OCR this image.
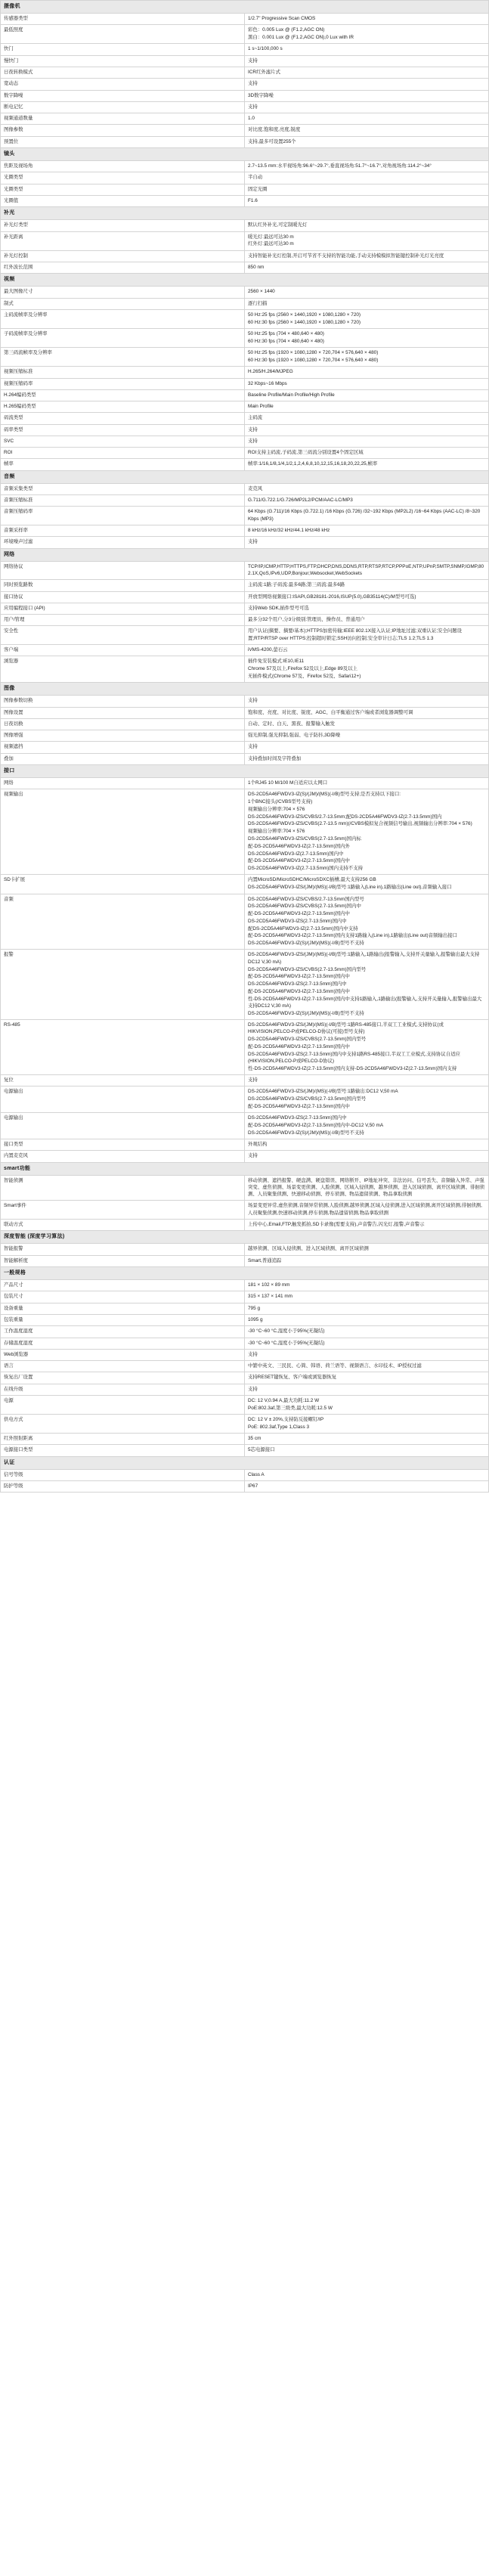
摄像机	
传感器类型	1/2.7" Progressive Scan CMOS

最低照度	彩色：0.005 Lux @ (F1.2,AGC ON)

黑白：0.001 Lux @ (F1.2,AGC ON),0 Lux with IR

快门	1 s~1/100,000 s

慢快门	支持

日夜转换模式	ICR红外滤片式

宽动态	支持

数字降噪	3D数字降噪

断电记忆	支持

视频通道数量	1.0

图像参数	对比度,饱和度,亮度,锐度

预置位	支持,最多可设置255个

镜头	
焦距及视场角	2.7~13.5 mm:水平视场角:96.6°~29.7°,垂直视场角:51.7°~16.7°,对角视场角:114.2°~34°

光圈类型	半自动

光圈类型	固定光圈

光圈值	F1.6

补光	
补光灯类型	默认红外补光,可定制暖光灯

补光距离	暖光灯:最远可达30 m

红外灯:最远可达30 m

补光灯控制	支持智能补光灯控制,开启可节省不支持的智能功能,手动支持模模拟智能键控制补光灯光亮度

红外波长范围	850 nm

视频	
最大图像尺寸	2560 × 1440

制式	逐行扫描

主码流帧率及分辨率	50 Hz:25 fps (2560 × 1440,1920 × 1080,1280 × 720)

60 Hz:30 fps (2560 × 1440,1920 × 1080,1280 × 720)

子码流帧率及分辨率	50 Hz:25 fps (704 × 480,640 × 480)

60 Hz:30 fps (704 × 480,640 × 480)

第三码流帧率及分辨率	50 Hz:25 fps (1920 × 1080,1280 × 720,704 × 576,640 × 480)

60 Hz:30 fps (1920 × 1080,1280 × 720,704 × 576,640 × 480)

视频压缩标准	H.265/H.264/MJPEG

视频压缩码率	32 Kbps~16 Mbps

H.264编码类型	Baseline Profile/Main Profile/High Profile

H.265编码类型	Main Profile

码流类型	主码流

码率类型	支持

SVC	支持

ROI	ROI支持主码流,子码流,第三码流分别设置4个固定区域

帧率	帧率:1/16,1/8,1/4,1/2,1,2,4,6,8,10,12,15,16,18,20,22,25,帧率

音频	
音频采集类型	麦克风

音频压缩标准	G.711/G.722.1/G.726/MP2L2/PCM/AAC-LC/MP3

音频压缩码率	64 Kbps (G.711)/16 Kbps (G.722.1) /16 Kbps (G.726) /32~192 Kbps (MP2L2) /16~64 Kbps (AAC-LC) /8~320 Kbps (MP3)

音频采样率	8 kHz/16 kHz/32 kHz/44.1 kHz/48 kHz

环境噪声过滤	支持

网络	
网络协议	TCP/IP,ICMP,HTTP,HTTPS,FTP,DHCP,DNS,DDNS,RTP,RTSP,RTCP,PPPoE,NTP,UPnP,SMTP,SNMP,IGMP,802.1X,QoS,IPv6,UDP,Bonjour,Websocket,WebSockets

同时预览路数	主码流:1路;子码流:最多6路;第三码流:最多6路

接口协议	开放型网络视频接口:ISAPI,GB28181-2016,ISUP(5.0),GB35114(C)/M型号可选)

应用编程接口 (API)	支持Web SDK,插件型号可选

用户/管理	最多分32个用户,分3分级别:管理员、操作员、普通用户

安全性	用户认证(摘要、摘要/基本);HTTPS加密传输;IEEE 802.1X接入认证;IP地址过滤;双重认证;安全问题设置;RTP/RTSP over HTTPS;控制超时锁定;SSH访问控制;安全审计日志;TLS 1.2;TLS 1.3

客户端	iVMS-4200,萤石云

浏览器	插件免安装模式:IE10,IE11

Chrome 57及以上,Firefox 52及以上,Edge 89及以上

无插件模式(Chrome 57及、Firefox 52及、Safari12+)

图像	
图像参数切换	支持

图像设置	饱和度、亮度、对比度、锐度、AGC、白平衡通过客户端或者浏览器调整可调

日夜切换	自动、定时、白天、黑夜、报警输入触发

图像增强	强光抑制,强光抑制,强弱、电子防抖,3D降噪

视频遮挡	支持

叠加	支持叠加时间及字符叠加

接口	
网络	1个RJ45 10 M/100 M自适应以太网口

视频输出	DS-2CD5A46FWDV3-IZ(S)/(JM)/(MS)(-I/B)型号支持;是否支持以下接口:

1个BNC接头(/CVBS型号支持)

视频输出分辨率:704 × 576

DS-2CD5A46FWDV3-IZS/CVBS/2.7-13.5mm;配DS-2CD5A46FWDV3-IZ(2.7-13.5mm)国内

DS-2CD5A46FWDV3-IZS/CVBS(2.7-13.5 mm)(/CVBS模拟复合视频信号输出,视频输出分辨率:704 × 576)

视频输出分辨率:704 × 576

DS-2CD5A46FWDV3-IZS/CVBS(2.7-13.5mm)国内标

配-DS-2CD5A46FWDV3-IZ(2.7-13.5mm)国内外

DS-2CD5A46FWDV3-IZ(2.7-13.5mm)国内中

配-DS-2CD5A46FWDV3-IZ(2.7-13.5mm)国内中

DS-2CD5A46FWDV3-IZ(2.7-13.5mm)国内支持不支持

SD卡扩展	内置MicroSD/MicroSDHC/MicroSDXC插槽,最大支持256 GB

DS-2CD5A46FWDV3-IZS/(JM)/(MS)(-I/B)型号:1路输入(Line in),1路输出(Line out),音频输入接口

音频	DS-2CD5A46FWDV3-IZS/CVBS/2.7-13.5mm国内型号

DS-2CD5A46FWDV3-IZS/CVBS(2.7-13.5mm)国内中

配-DS-2CD5A46FWDV3-IZ(2.7-13.5mm)国内中

DS-2CD5A46FWDV3-IZS(2.7-13.5mm)国内中

配DS-2CD5A46FWDV3-IZ(2.7-13.5mm)国内中支持

配-DS-2CD5A46FWDV3-IZ(2.7-13.5mm)国内支持1路输入(Line in),1路输出(Line out)音频输出接口

DS-2CD5A46FWDV3-IZ(S)/(JM)/(MS)(-I/B)型号不支持

报警	DS-2CD5A46FWDV3-IZS/(JM)/(MS)(-I/B)型号:1路输入,1路输出(报警输入,支持开关量输入,报警输出最大支持DC12 V,30 mA)

DS-2CD5A46FWDV3-IZS/CVBS(2.7-13.5mm)国内型号

配-DS-2CD5A46FWDV3-IZ(2.7-13.5mm)国内中

DS-2CD5A46FWDV3-IZS(2.7-13.5mm)国内中

配-DS-2CD5A46FWDV3-IZ(2.7-13.5mm)国内中

性-DS-2CD5A46FWDV3-IZ(2.7-13.5mm)国内中支持1路输入,1路输出(报警输入,支持开关量输入,报警输出最大支持DC12 V,30 mA)

DS-2CD5A46FWDV3-IZ(S)/(JM)/(MS)(-I/B)型号不支持

RS-485	DS-2CD5A46FWDV3-IZS/(JM)/(MS)(-I/B)型号:1路RS-485接口,半双工工业模式,支持协议(或HIKVISION,PELCO-P或PELCO-D协议(可接)型号支持)

DS-2CD5A46FWDV3-IZS/CVBS(2.7-13.5mm)国内型号

配-DS-2CD5A46FWDV3-IZ(2.7-13.5mm)国内中

DS-2CD5A46FWDV3-IZS(2.7-13.5mm)国内中支持1路RS-485接口,半双工工业模式,支持协议自适应(HIKVISION,PELCO-P或PELCO-D协议)

性-DS-2CD5A46FWDV3-IZ(2.7-13.5mm)国内支持-DS-2CD5A46FWDV3-IZ(2.7-13.5mm)国内支持

复位	支持

电源输出	DS-2CD5A46FWDV3-IZS/(JM)/(MS)(-I/B)型号:1路输出:DC12 V,50 mA

DS-2CD5A46FWDV3-IZS/CVBS(2.7-13.5mm)国内型号

配-DS-2CD5A46FWDV3-IZ(2.7-13.5mm)国内中

电源输出	DS-2CD5A46FWDV3-IZS(2.7-13.5mm)国内中

配-DS-2CD5A46FWDV3-IZ(2.7-13.5mm)国内中-DC12 V,50 mA

DS-2CD5A46FWDV3-IZ(S)/(JM)/(MS)(-I/B)型号不支持

接口类型	外观结构

内置麦克风	支持

smart功能	
智能侦测	移动侦测、遮挡报警、硬盘满、硬盘错误、网络断开、IP地址冲突、非法访问、信号丢失、音频输入异常、声强突变、虚焦侦测、场景变更侦测、人脸侦测、区域入侵侦测、越界侦测、进入区域侦测、离开区域侦测、徘徊侦测、人员聚集侦测、快速移动侦测、停车侦测、物品遗留侦测、物品拿取侦测

Smart事件	场景变更异常,虚焦侦测,音频异常侦测,人脸侦测,越界侦测,区域入侵侦测,进入区域侦测,离开区域侦测,徘徊侦测,人员聚集侦测,快速移动侦测,停车侦测,物品遗留侦测,物品拿取侦测

联动方式	上传中心,Email,FTP,触发抓拍,SD卡录像(需要支持),声音警告,闪光灯,报警,声音警示

深度智能 (深度学习算法)	
智能报警	越界侦测、区域入侵侦测、进入区域侦测、离开区域侦测

智能解析度	Smart,普通追踪

一般规格	
产品尺寸	181 × 102 × 89 mm

包装尺寸	315 × 137 × 141 mm

设备重量	795 g

包装重量	1095 g

工作温度湿度	-30 °C~60 °C,湿度小于95%(无凝结)

存储温度湿度	-30 °C~60 °C,湿度小于95%(无凝结)

Web浏览器	支持

语言	中繁中英文、三民民、心简、韩语、荷兰语等、视频语言、水印技术、IP授权过滤

恢复出厂设置	支持RESET键恢复、客户端或浏览器恢复

在线升级	支持

电源	DC: 12 V,0.94 A,最大功耗:11.2 W

PoE:802.3af,第三级类,最大功耗:12.5 W

供电方式	DC: 12 V ± 20%,支持防反接螺钉/IP

PoE: 802.3af,Type 1,Class 3

红外照射距离	35 cm

电源接口类型	5芯电源接口

认证	
信号等级	Class A

防护等级	IP67
